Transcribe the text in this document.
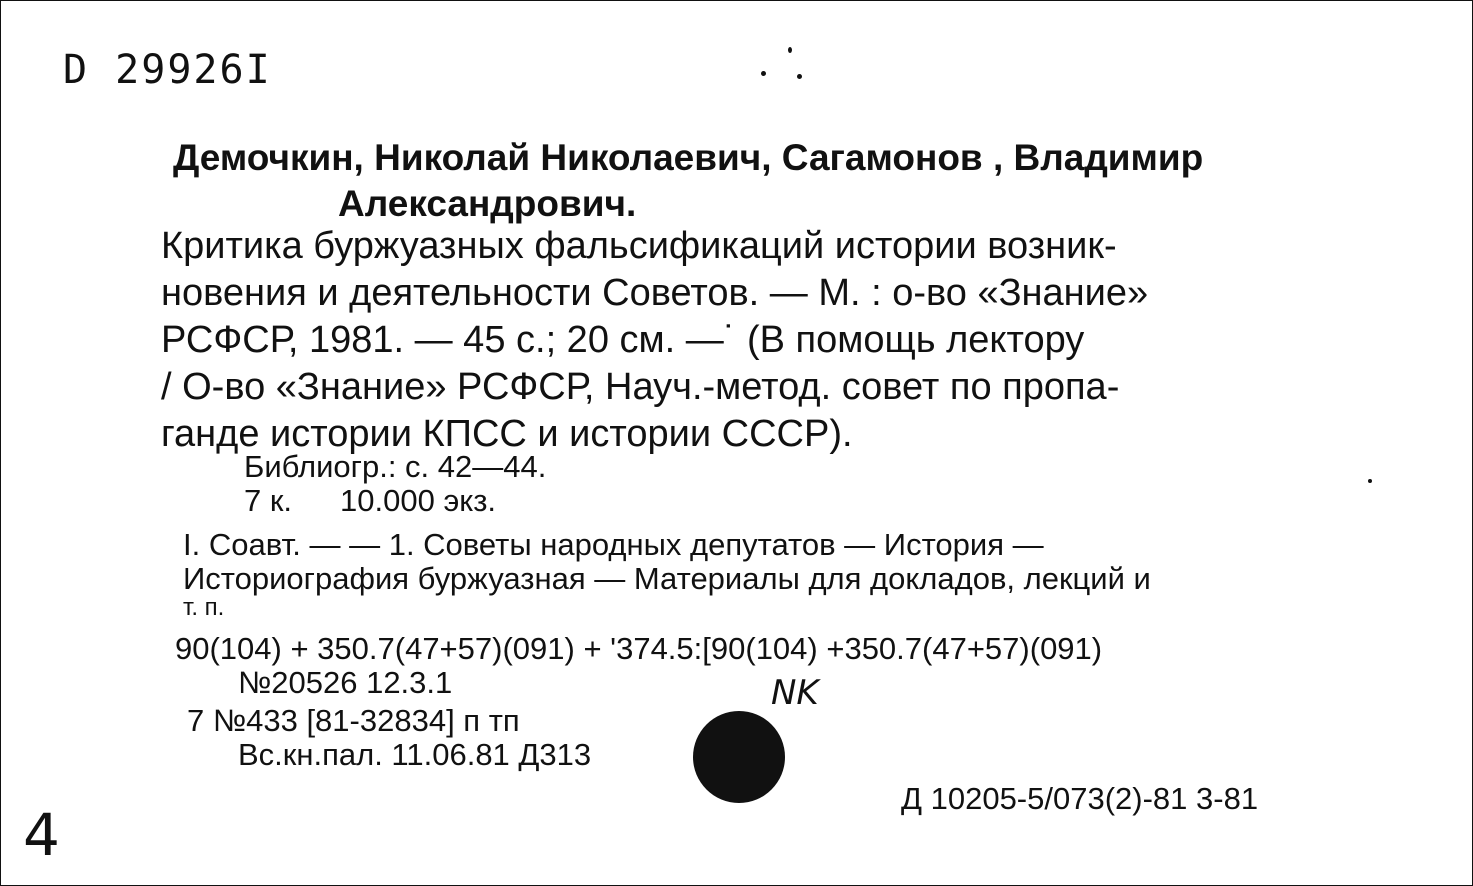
D 29926I
Демочкин, Николай Николаевич, Сагамонов , Владимир
Александрович.
Критика буржуазных фальсификаций истории возник-
новения и деятельности Советов. — М. : о-во «Знание»
РСФСР, 1981. — 45 с.; 20 см. —˙ (В помощь лектору
/ О-во «Знание» РСФСР, Науч.-метод. совет по пропа-
ганде истории КПСС и истории СССР).
Библиогр.: с. 42—44.
7 к. 10.000 экз.
I. Соавт. — — 1. Советы народных депутатов — История —
Историография буржуазная — Материалы для докладов, лекций и
т. п.
90(104) + 350.7(47+57)(091) + '374.5:[90(104) +350.7(47+57)(091)
№20526 12.3.1
7 №433 [81-32834] п тп
Вс.кн.пал. 11.06.81 Д313
NK
Д 10205-5/073(2)-81 3-81
4
